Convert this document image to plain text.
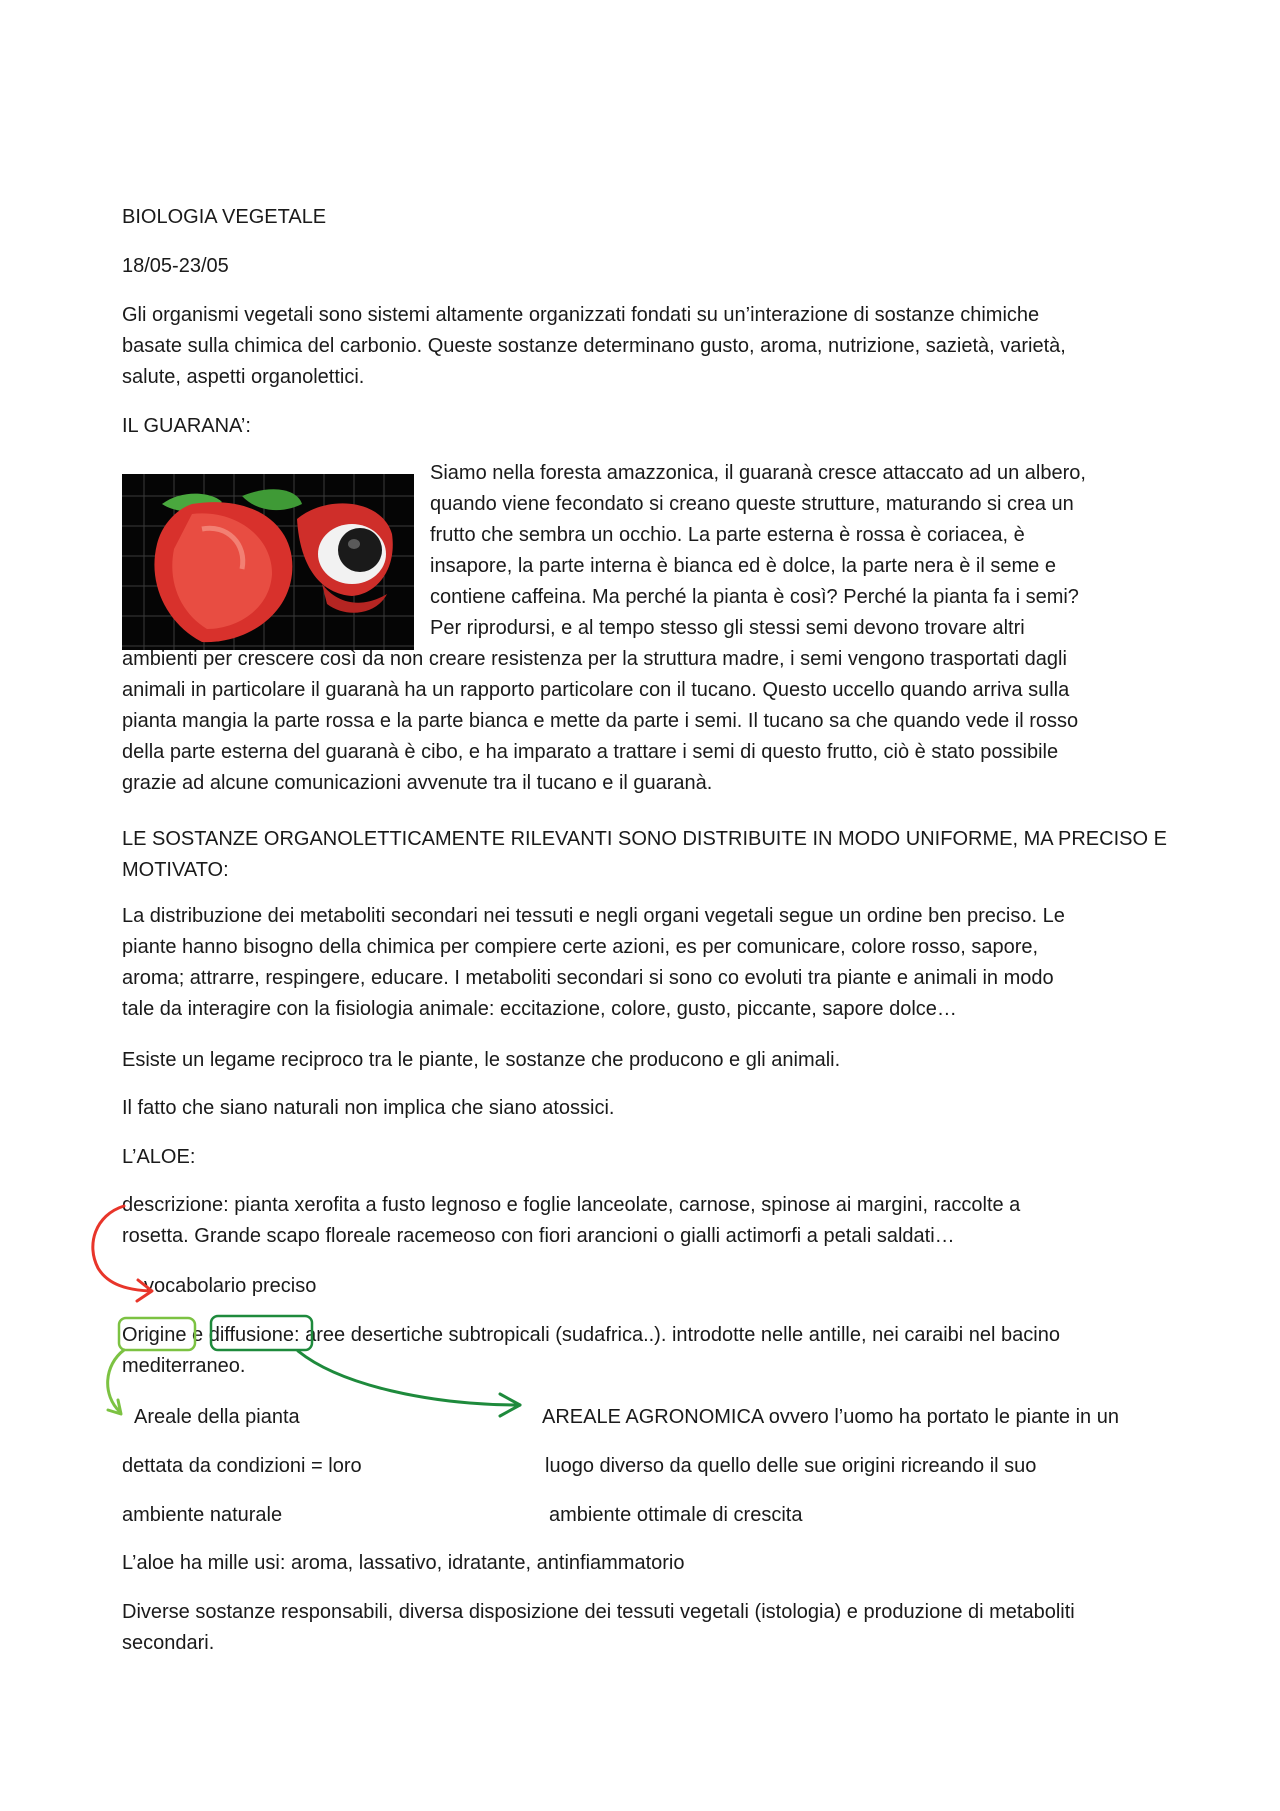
BIOLOGIA VEGETALE

18/05-23/05

Gli organismi vegetali sono sistemi altamente organizzati fondati su un’interazione di sostanze chimiche
basate sulla chimica del carbonio. Queste sostanze determinano gusto, aroma, nutrizione, sazietà, varietà,
salute, aspetti organolettici.

IL GUARANA’:

Siamo nella foresta amazzonica, il guaranà cresce attaccato ad un albero,
quando viene fecondato si creano queste strutture, maturando si crea un
frutto che sembra un occhio. La parte esterna è rossa è coriacea, è
insapore, la parte interna è bianca ed è dolce, la parte nera è il seme e
contiene caffeina. Ma perché la pianta è così? Perché la pianta fa i semi?
Per riprodursi, e al tempo stesso gli stessi semi devono trovare altri
ambienti per crescere così da non creare resistenza per la struttura madre, i semi vengono trasportati dagli
animali in particolare il guaranà ha un rapporto particolare con il tucano. Questo uccello quando arriva sulla
pianta mangia la parte rossa e la parte bianca e mette da parte i semi. Il tucano sa che quando vede il rosso
della parte esterna del guaranà è cibo, e ha imparato a trattare i semi di questo frutto, ciò è stato possibile
grazie ad alcune comunicazioni avvenute tra il tucano e il guaranà.
LE SOSTANZE ORGANOLETTICAMENTE RILEVANTI SONO DISTRIBUITE IN MODO UNIFORME, MA PRECISO E
MOTIVATO:
La distribuzione dei metaboliti secondari nei tessuti e negli organi vegetali segue un ordine ben preciso. Le
piante hanno bisogno della chimica per compiere certe azioni, es per comunicare, colore rosso, sapore,
aroma; attrarre, respingere, educare. I metaboliti secondari si sono co evoluti tra piante e animali in modo
tale da interagire con la fisiologia animale: eccitazione, colore, gusto, piccante, sapore dolce…

Esiste un legame reciproco tra le piante, le sostanze che producono e gli animali.

Il fatto che siano naturali non implica che siano atossici.

L’ALOE:

descrizione: pianta xerofita a fusto legnoso e foglie lanceolate, carnose, spinose ai margini, raccolte a
rosetta. Grande scapo floreale racemeoso con fiori arancioni o gialli actimorfi a petali saldati…

vocabolario preciso

Origine e diffusione: aree desertiche subtropicali (sudafrica..). introdotte nelle antille, nei caraibi nel bacino

mediterraneo.

Areale della pianta

dettata da condizioni = loro

ambiente naturale

AREALE AGRONOMICA ovvero l’uomo ha portato le piante in un

luogo diverso da quello delle sue origini ricreando il suo

ambiente ottimale di crescita

L’aloe ha mille usi: aroma, lassativo, idratante, antinfiammatorio

Diverse sostanze responsabili, diversa disposizione dei tessuti vegetali (istologia) e produzione di metaboliti
secondari.
